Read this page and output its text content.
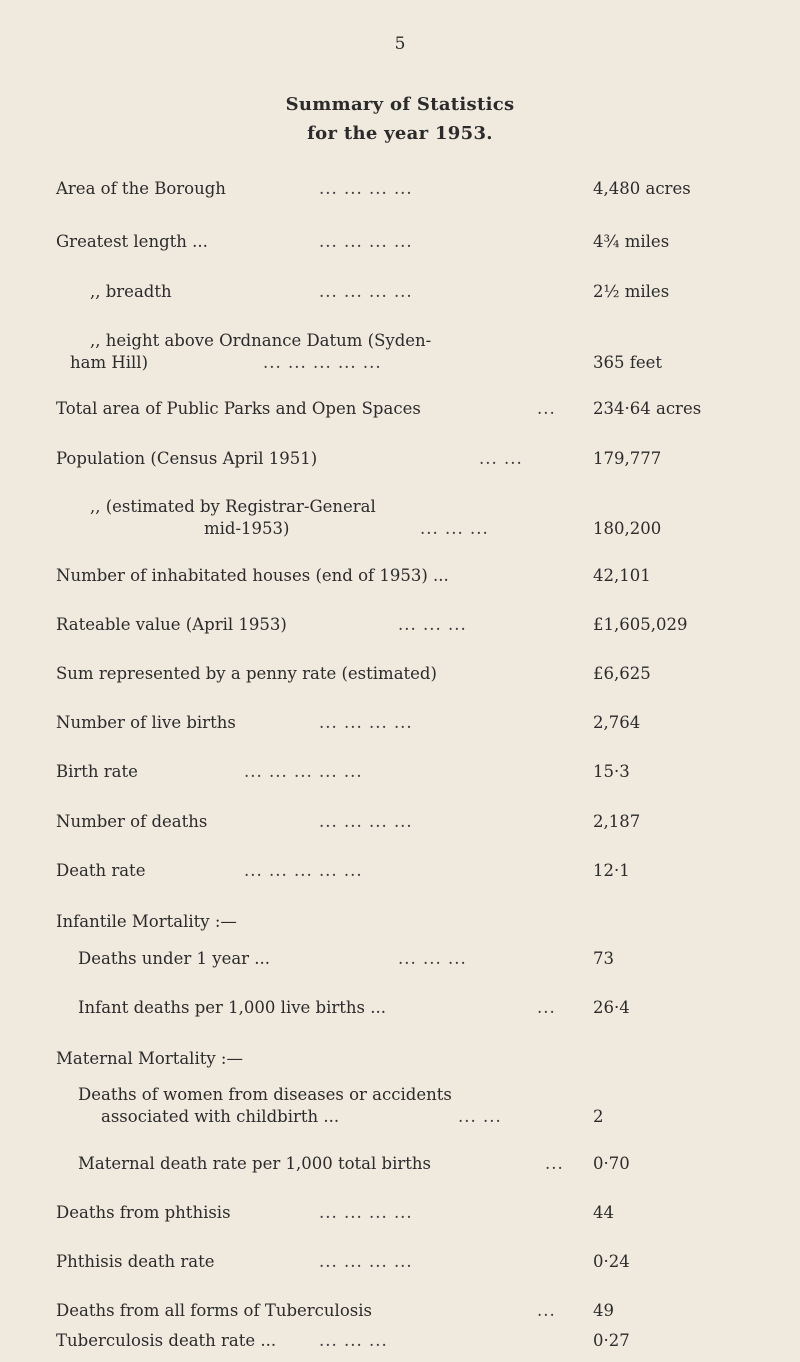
5
Summary of Statistics
for the year 1953.
Area of the Borough	... ... ... ...	4,480 acres
Greatest length ...	... ... ... ...	4¾ miles
,, breadth	... ... ... ...	2½ miles
,, height above Ordnance Datum (Syden-
ham Hill)	... ... ... ... ...	365 feet
Total area of Public Parks and Open Spaces	... 234·64 acres
Population (Census April 1951)	... ...	179,777
,, (estimated by Registrar-General
mid-1953)	... ... ...	180,200
Number of inhabitated houses (end of 1953) ...	42,101
Rateable value (April 1953)	... ... ...	£1,605,029
Sum represented by a penny rate (estimated)	£6,625
Number of live births	... ... ... ...	2,764
Birth rate	... ... ... ... ...	15·3
Number of deaths	... ... ... ...	2,187
Death rate	... ... ... ... ...	12·1
Infantile Mortality :—
Deaths under 1 year ...	... ... ...	73
Infant deaths per 1,000 live births ...	... 26·4
Maternal Mortality :—
Deaths of women from diseases or accidents
associated with childbirth ...	... ...	2
Maternal death rate per 1,000 total births	... 0·70
Deaths from phthisis	... ... ... ...	44
Phthisis death rate	... ... ... ...	0·24
Deaths from all forms of Tuberculosis	... 49
Tuberculosis death rate ...	... ... ...	0·27
